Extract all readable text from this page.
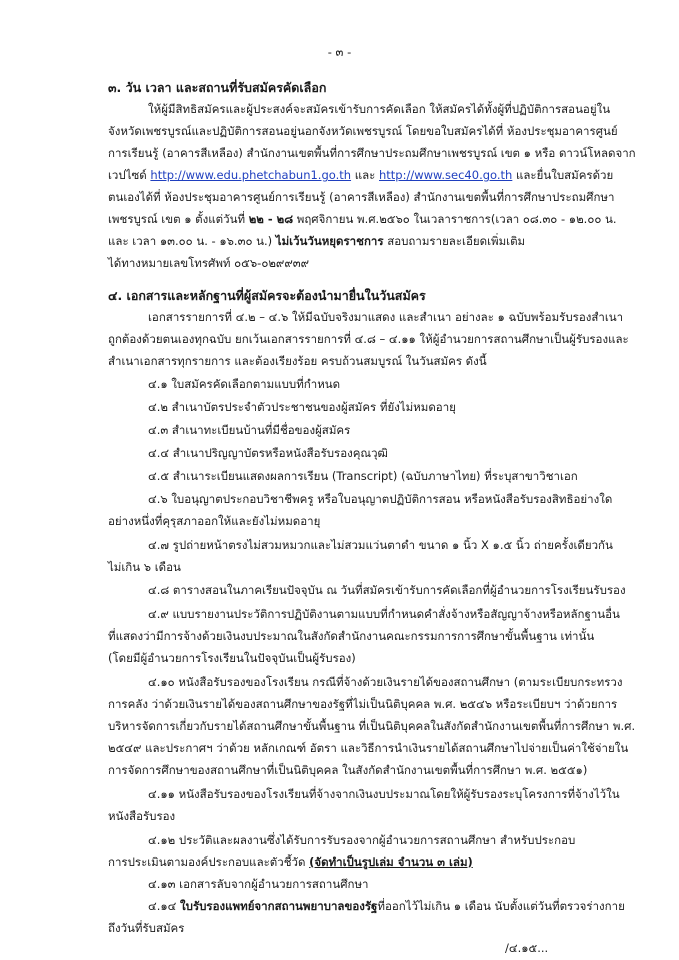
- ๓ -
๓. วัน เวลา และสถานที่รับสมัครคัดเลือก
ให้ผู้มีสิทธิสมัครและผู้ประสงค์จะสมัครเข้ารับการคัดเลือก ให้สมัครได้ทั้งผู้ที่ปฏิบัติการสอนอยู่ใน
จังหวัดเพชรบูรณ์และปฏิบัติการสอนอยู่นอกจังหวัดเพชรบูรณ์ โดยขอใบสมัครได้ที่ ห้องประชุมอาคารศูนย์
การเรียนรู้ (อาคารสีเหลือง) สำนักงานเขตพื้นที่การศึกษาประถมศึกษาเพชรบูรณ์ เขต ๑ หรือ ดาวน์โหลดจาก
เวปไซด์ http://www.edu.phetchabun1.go.th และ http://www.sec40.go.th และยื่นใบสมัครด้วย
ตนเองได้ที่ ห้องประชุมอาคารศูนย์การเรียนรู้ (อาคารสีเหลือง) สำนักงานเขตพื้นที่การศึกษาประถมศึกษา
เพชรบูรณ์ เขต ๑ ตั้งแต่วันที่ ๒๒ - ๒๘ พฤศจิกายน พ.ศ.๒๕๖๐ ในเวลาราชการ(เวลา ๐๘.๓๐ - ๑๒.๐๐ น.
และ เวลา ๑๓.๐๐ น. - ๑๖.๓๐ น.) ไม่เว้นวันหยุดราชการ สอบถามรายละเอียดเพิ่มเติม
ได้ทางหมายเลขโทรศัพท์ ๐๕๖-๐๒๙๙๓๙
๔. เอกสารและหลักฐานที่ผู้สมัครจะต้องนำมายื่นในวันสมัคร
เอกสารรายการที่ ๔.๒ – ๔.๖ ให้มีฉบับจริงมาแสดง และสำเนา อย่างละ ๑ ฉบับพร้อมรับรองสำเนา
ถูกต้องด้วยตนเองทุกฉบับ ยกเว้นเอกสารรายการที่ ๔.๘ – ๔.๑๑ ให้ผู้อำนวยการสถานศึกษาเป็นผู้รับรองและ
สำเนาเอกสารทุกรายการ และต้องเรียงร้อย ครบถ้วนสมบูรณ์ ในวันสมัคร ดังนี้
๔.๑ ใบสมัครคัดเลือกตามแบบที่กำหนด
๔.๒ สำเนาบัตรประจำตัวประชาชนของผู้สมัคร ที่ยังไม่หมดอายุ
๔.๓ สำเนาทะเบียนบ้านที่มีชื่อของผู้สมัคร
๔.๔ สำเนาปริญญาบัตรหรือหนังสือรับรองคุณวุฒิ
๔.๕ สำเนาระเบียนแสดงผลการเรียน (Transcript) (ฉบับภาษาไทย) ที่ระบุสาขาวิชาเอก
๔.๖ ใบอนุญาตประกอบวิชาชีพครู หรือใบอนุญาตปฏิบัติการสอน หรือหนังสือรับรองสิทธิอย่างใด
อย่างหนึ่งที่คุรุสภาออกให้และยังไม่หมดอายุ
๔.๗ รูปถ่ายหน้าตรงไม่สวมหมวกและไม่สวมแว่นตาดำ ขนาด ๑ นิ้ว X ๑.๕ นิ้ว ถ่ายครั้งเดียวกัน
ไม่เกิน ๖ เดือน
๔.๘ ตารางสอนในภาคเรียนปัจจุบัน ณ วันที่สมัครเข้ารับการคัดเลือกที่ผู้อำนวยการโรงเรียนรับรอง
๔.๙ แบบรายงานประวัติการปฏิบัติงานตามแบบที่กำหนดคำสั่งจ้างหรือสัญญาจ้างหรือหลักฐานอื่น
ที่แสดงว่ามีการจ้างด้วยเงินงบประมาณในสังกัดสำนักงานคณะกรรมการการศึกษาขั้นพื้นฐาน เท่านั้น
(โดยมีผู้อำนวยการโรงเรียนในปัจจุบันเป็นผู้รับรอง)
๔.๑๐ หนังสือรับรองของโรงเรียน กรณีที่จ้างด้วยเงินรายได้ของสถานศึกษา (ตามระเบียบกระทรวง
การคลัง ว่าด้วยเงินรายได้ของสถานศึกษาของรัฐที่ไม่เป็นนิติบุคคล พ.ศ. ๒๕๔๖ หรือระเบียบฯ ว่าด้วยการ
บริหารจัดการเกี่ยวกับรายได้สถานศึกษาขั้นพื้นฐาน ที่เป็นนิติบุคคลในสังกัดสำนักงานเขตพื้นที่การศึกษา พ.ศ.
๒๕๔๙ และประกาศฯ ว่าด้วย หลักเกณฑ์ อัตรา และวิธีการนำเงินรายได้สถานศึกษาไปจ่ายเป็นค่าใช้จ่ายใน
การจัดการศึกษาของสถานศึกษาที่เป็นนิติบุคคล ในสังกัดสำนักงานเขตพื้นที่การศึกษา พ.ศ. ๒๕๕๑)
๔.๑๑ หนังสือรับรองของโรงเรียนที่จ้างจากเงินงบประมาณโดยให้ผู้รับรองระบุโครงการที่จ้างไว้ใน
หนังสือรับรอง
๔.๑๒ ประวัติและผลงานซึ่งได้รับการรับรองจากผู้อำนวยการสถานศึกษา สำหรับประกอบ
การประเมินตามองค์ประกอบและตัวชี้วัด (จัดทำเป็นรูปเล่ม จำนวน ๓ เล่ม)
๔.๑๓ เอกสารลับจากผู้อำนวยการสถานศึกษา
๔.๑๔ ใบรับรองแพทย์จากสถานพยาบาลของรัฐที่ออกไว้ไม่เกิน ๑ เดือน นับตั้งแต่วันที่ตรวจร่างกาย
ถึงวันที่รับสมัคร
/๔.๑๕...
